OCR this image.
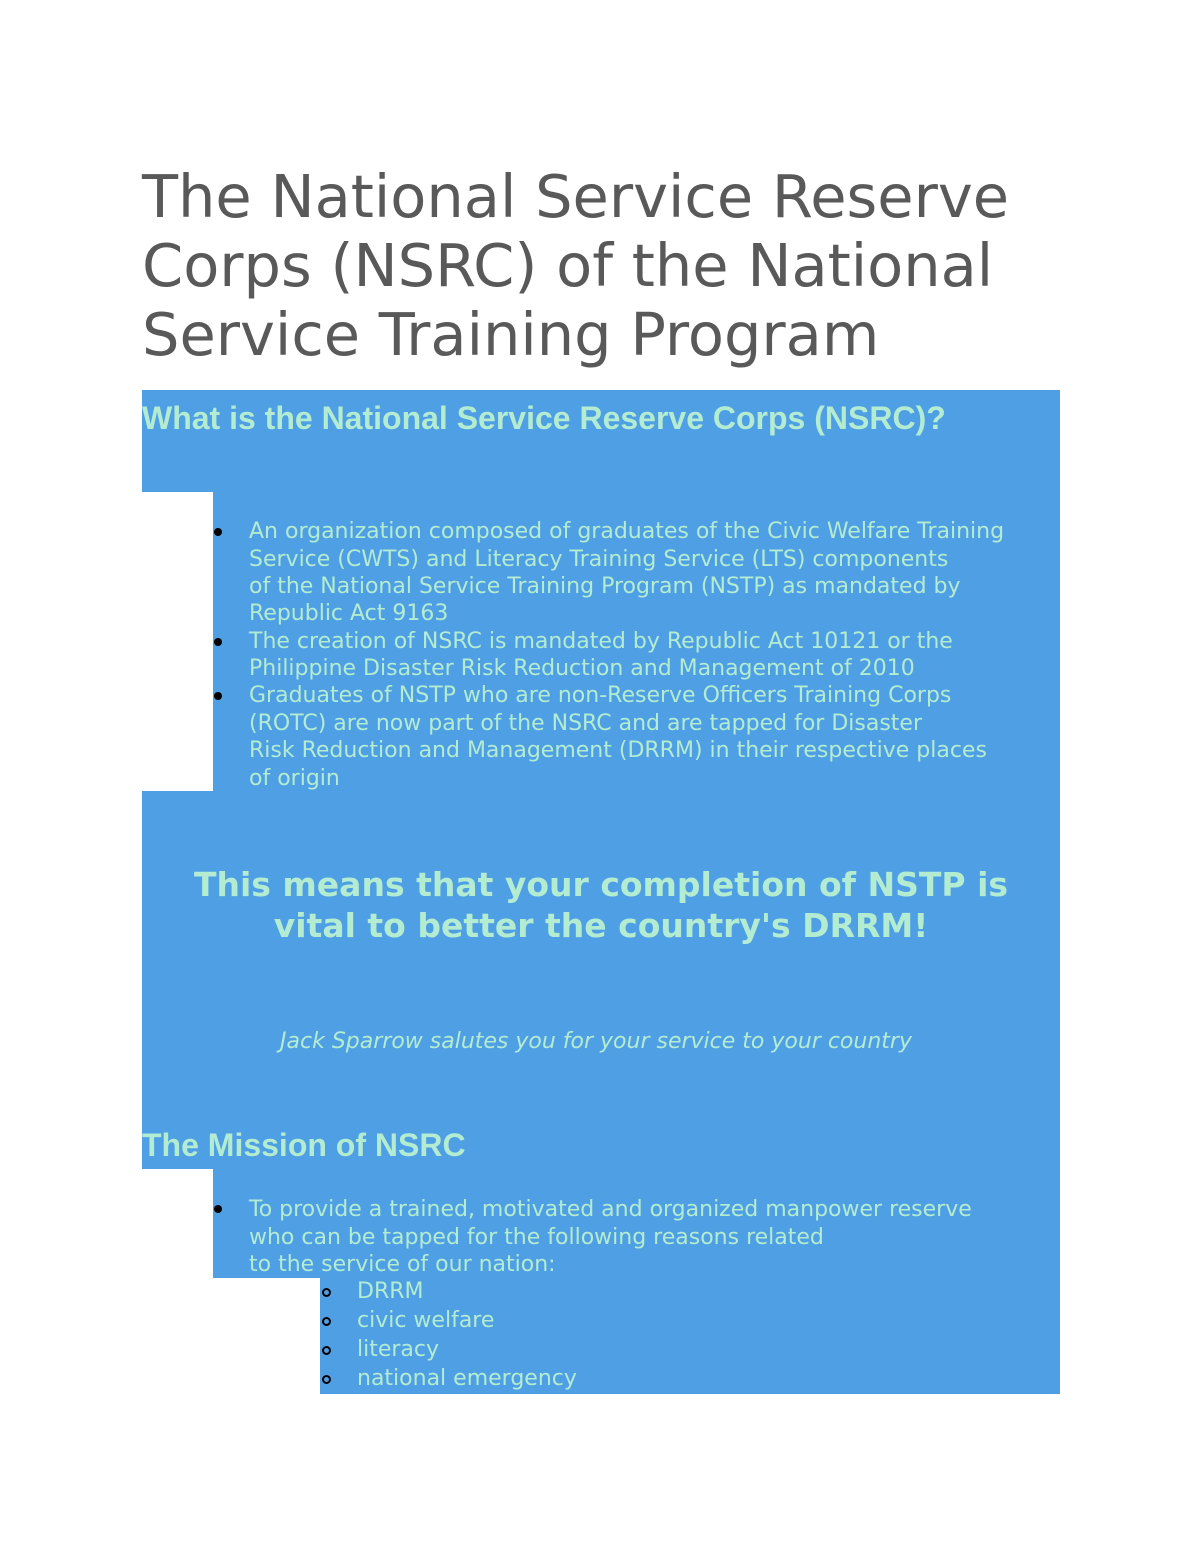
The National Service Reserve Corps (NSRC) of the National Service Training Program
What is the National Service Reserve Corps (NSRC)?
An organization composed of graduates of the Civic Welfare Training
Service (CWTS) and Literacy Training Service (LTS) components
of the National Service Training Program (NSTP) as mandated by
Republic Act 9163
The creation of NSRC is mandated by Republic Act 10121 or the
Philippine Disaster Risk Reduction and Management of 2010
Graduates of NSTP who are non-Reserve Officers Training Corps
(ROTC) are now part of the NSRC and are tapped for Disaster
Risk Reduction and Management (DRRM) in their respective places
of origin
This means that your completion of NSTP is
vital to better the country's DRRM!
Jack Sparrow salutes you for your service to your country
The Mission of NSRC
To provide a trained, motivated and organized manpower reserve
who can be tapped for the following reasons related
to the service of our nation:
DRRM
civic welfare
literacy
national emergency
